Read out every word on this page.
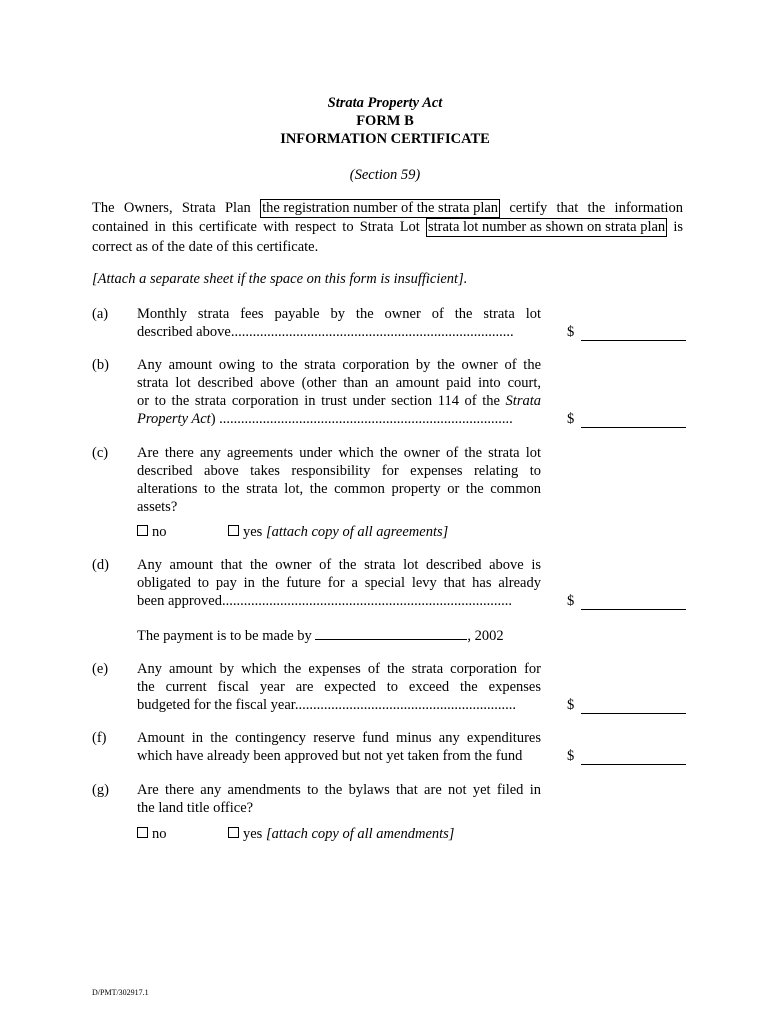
Strata Property Act
FORM B
INFORMATION CERTIFICATE
(Section 59)
The Owners, Strata Plan the registration number of the strata plan certify that the information
contained in this certificate with respect to Strata Lot strata lot number as shown on strata plan is
correct as of the date of this certificate.
[Attach a separate sheet if the space on this form is insufficient].
(a) Monthly strata fees payable by the owner of the strata lot
described above..............................................................................	$
(b) Any amount owing to the strata corporation by the owner of the
strata lot described above (other than an amount paid into court,
or to the strata corporation in trust under section 114 of the Strata
Property Act) .................................................................................	$
(c) Are there any agreements under which the owner of the strata lot
described above takes responsibility for expenses relating to
alterations to the strata lot, the common property or the common
assets?
no	yes [attach copy of all agreements]
(d) Any amount that the owner of the strata lot described above is
obligated to pay in the future for a special levy that has already
been approved................................................................................	$
The payment is to be made by	, 2002
(e) Any amount by which the expenses of the strata corporation for
the current fiscal year are expected to exceed the expenses
budgeted for the fiscal year.............................................................	$
(f) Amount in the contingency reserve fund minus any expenditures
which have already been approved but not yet taken from the fund	$
(g) Are there any amendments to the bylaws that are not yet filed in
the land title office?
no	yes [attach copy of all amendments]
D/PMT/302917.1
